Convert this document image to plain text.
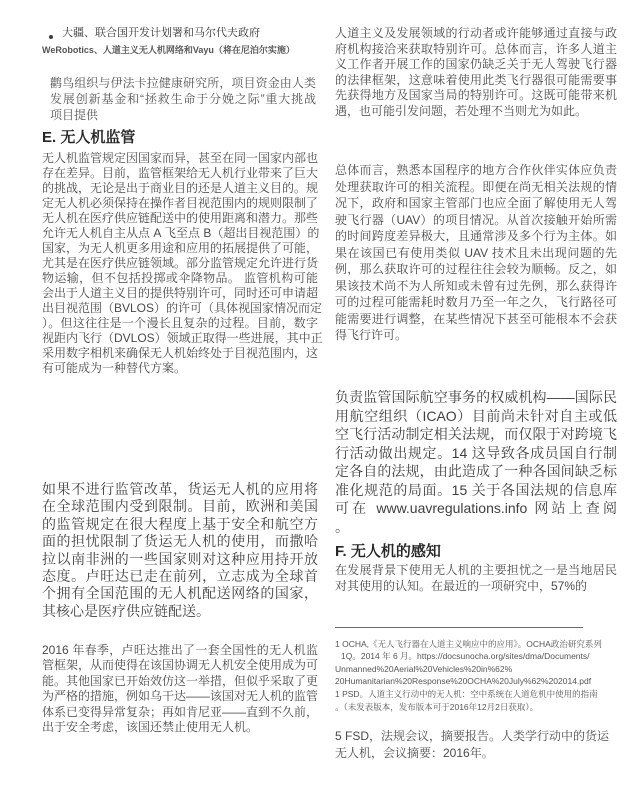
大疆、联合国开发计划署和马尔代夫政府
WeRobotics、人道主义无人机网络和Vayu（将在尼泊尔实施）
鹳鸟组织与伊法卡拉健康研究所，项目资金由人类
发展创新基金和“拯救生命于分娩之际”重大挑战
项目提供
E. 无人机监管
无人机监管规定因国家而异，甚至在同一国家内部也
存在差异。目前，监管框架给无人机行业带来了巨大
的挑战，无论是出于商业目的还是人道主义目的。规
定无人机必须保持在操作者目视范围内的规则限制了
无人机在医疗供应链配送中的使用距离和潜力。那些
允许无人机自主从点 A 飞至点 B（超出目视范围）的
国家，为无人机更多用途和应用的拓展提供了可能，
尤其是在医疗供应链领域。部分监管规定允许进行货
物运输，但不包括投掷或伞降物品。 监管机构可能
会出于人道主义目的提供特别许可，同时还可申请超
出目视范围（BVLOS）的许可（具体视国家情况而定
）。但这往往是一个漫长且复杂的过程。目前，数字
视距内飞行（DVLOS）领域正取得一些进展，其中正
采用数字相机来确保无人机始终处于目视范围内，这
有可能成为一种替代方案。
如果不进行监管改革，货运无人机的应用将
在全球范围内受到限制。目前，欧洲和美国
的监管规定在很大程度上基于安全和航空方
面的担忧限制了货运无人机的使用，而撒哈
拉以南非洲的一些国家则对这种应用持开放
态度。卢旺达已走在前列，立志成为全球首
个拥有全国范围的无人机配送网络的国家，
其核心是医疗供应链配送。
2016 年春季，卢旺达推出了一套全国性的无人机监
管框架，从而使得在该国协调无人机安全使用成为可
能。其他国家已开始效仿这一举措，但似乎采取了更
为严格的措施，例如乌干达——该国对无人机的监管
体系已变得异常复杂；再如肯尼亚——直到不久前，
出于安全考虑，该国还禁止使用无人机。
人道主义及发展领域的行动者或许能够通过直接与政
府机构接洽来获取特别许可。总体而言，许多人道主
义工作者开展工作的国家仍缺乏关于无人驾驶飞行器
的法律框架，这意味着使用此类飞行器很可能需要事
先获得地方及国家当局的特别许可。这既可能带来机
遇，也可能引发问题，若处理不当则尤为如此。
总体而言，熟悉本国程序的地方合作伙伴实体应负责
处理获取许可的相关流程。即便在尚无相关法规的情
况下，政府和国家主管部门也应全面了解使用无人驾
驶飞行器（UAV）的项目情况。从首次接触开始所需
的时间跨度差异极大，且通常涉及多个行为主体。如
果在该国已有使用类似 UAV 技术且未出现问题的先
例，那么获取许可的过程往往会较为顺畅。反之，如
果该技术尚不为人所知或未曾有过先例，那么获得许
可的过程可能需耗时数月乃至一年之久，飞行路径可
能需要进行调整，在某些情况下甚至可能根本不会获
得飞行许可。
负责监管国际航空事务的权威机构——国际民
用航空组织（ICAO）目前尚未针对自主或低
空飞行活动制定相关法规，而仅限于对跨境飞
行活动做出规定。14 这导致各成员国自行制
定各自的法规，由此造成了一种各国间缺乏标
准化规范的局面。15 关于各国法规的信息库
可在 www.uavregulations.info 网站上查阅
。
F. 无人机的感知
在发展背景下使用无人机的主要担忧之一是当地居民
对其使用的认知。在最近的一项研究中，57%的
1 OCHA,《无人飞行器在人道主义响应中的应用》。OCHA政治研究系列
1Q。2014 年 6 月。https://docsunocha.org/sites/dma/Documents/
Unmanned%20Aerial%20Vehicles%20in%62%
20Humanitarian%20Response%20OCHA%20July%62%202014.pdf
1 PSD。人道主义行动中的无人机：空中系统在人道危机中使用的指南
。（未发表版本，发布版本可于2016年12月2日获取）。
5 FSD，法规会议，摘要报告。人类学行动中的货运
无人机，会议摘要：2016年。
